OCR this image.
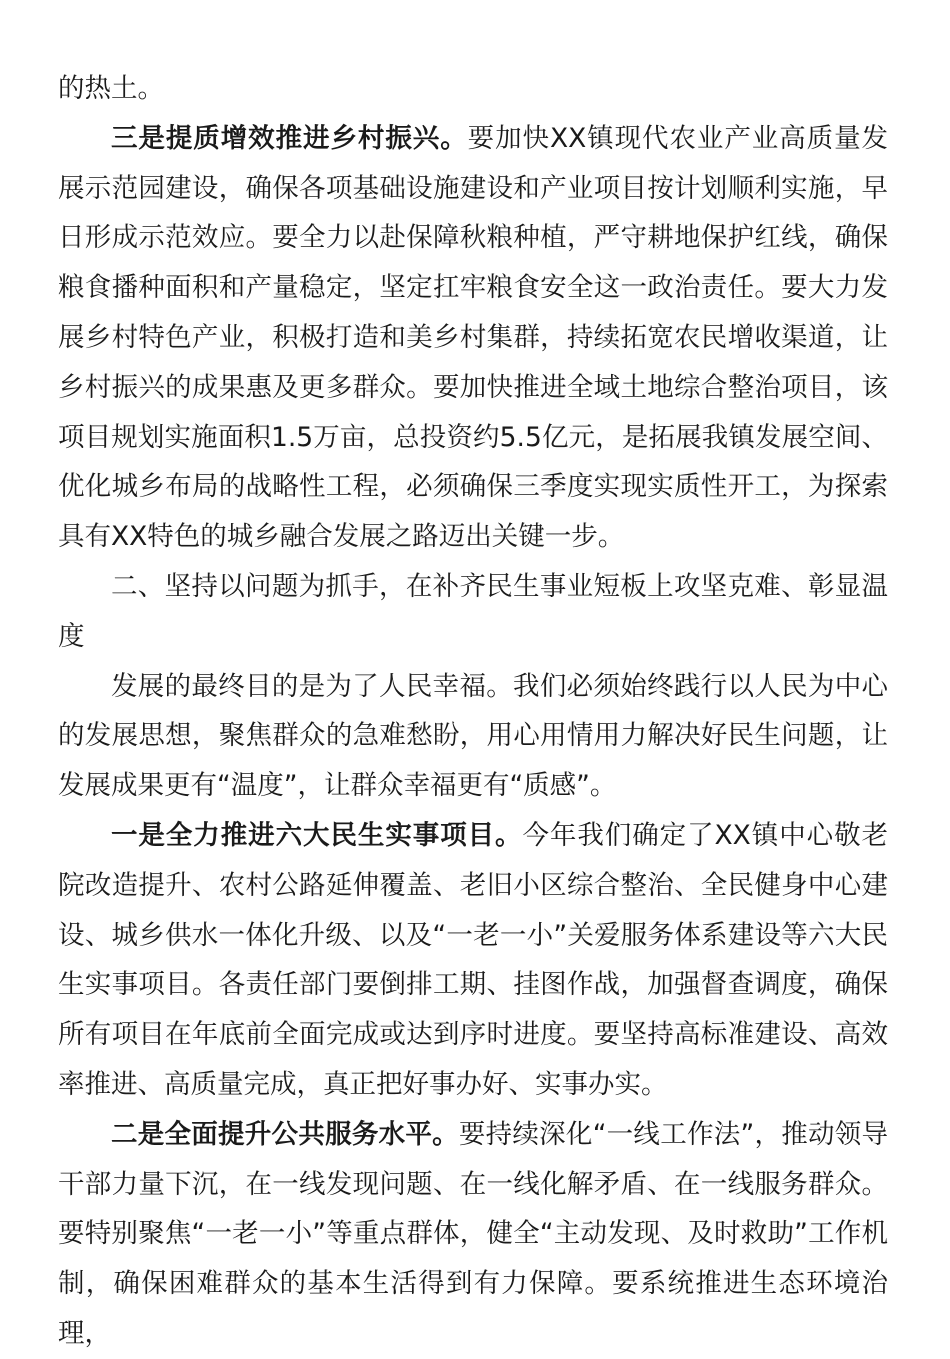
的热土。

三是提质增效推进乡村振兴。要加快XX镇现代农业产业高质量发展示范园建设，确保各项基础设施建设和产业项目按计划顺利实施，早日形成示范效应。要全力以赴保障秋粮种植，严守耕地保护红线，确保粮食播种面积和产量稳定，坚定扛牢粮食安全这一政治责任。要大力发展乡村特色产业，积极打造和美乡村集群，持续拓宽农民增收渠道，让乡村振兴的成果惠及更多群众。要加快推进全域土地综合整治项目，该项目规划实施面积1.5万亩，总投资约5.5亿元，是拓展我镇发展空间、优化城乡布局的战略性工程，必须确保三季度实现实质性开工，为探索具有XX特色的城乡融合发展之路迈出关键一步。

二、坚持以问题为抓手，在补齐民生事业短板上攻坚克难、彰显温度

发展的最终目的是为了人民幸福。我们必须始终践行以人民为中心的发展思想，聚焦群众的急难愁盼，用心用情用力解决好民生问题，让发展成果更有“温度”，让群众幸福更有“质感”。

一是全力推进六大民生实事项目。今年我们确定了XX镇中心敬老院改造提升、农村公路延伸覆盖、老旧小区综合整治、全民健身中心建设、城乡供水一体化升级、以及“一老一小”关爱服务体系建设等六大民生实事项目。各责任部门要倒排工期、挂图作战，加强督查调度，确保所有项目在年底前全面完成或达到序时进度。要坚持高标准建设、高效率推进、高质量完成，真正把好事办好、实事办实。

二是全面提升公共服务水平。要持续深化“一线工作法”，推动领导干部力量下沉，在一线发现问题、在一线化解矛盾、在一线服务群众。要特别聚焦“一老一小”等重点群体，健全“主动发现、及时救助”工作机制，确保困难群众的基本生活得到有力保障。要系统推进生态环境治理，
